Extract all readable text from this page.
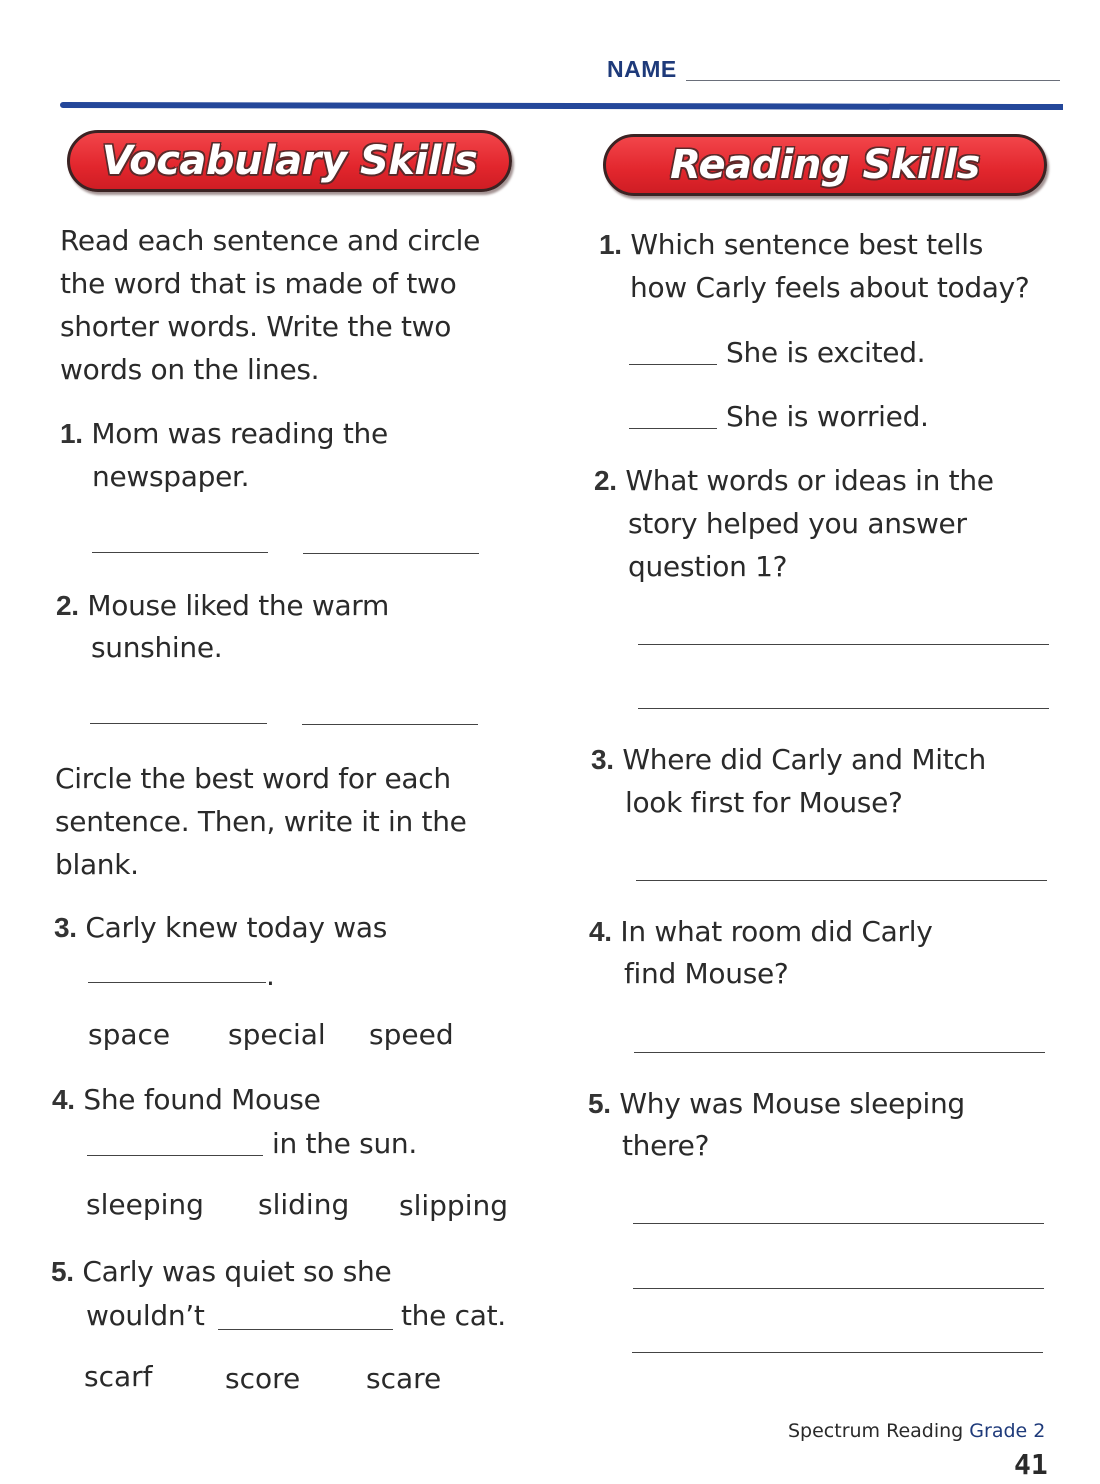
NAME
Vocabulary Skills	Reading Skills
Read each sentence and circle
the word that is made of two
shorter words. Write the two
words on the lines.
1. Mom was reading the
newspaper.
2. Mouse liked the warm
sunshine.
Circle the best word for each
sentence. Then, write it in the
blank.
3. Carly knew today was
.
space special speed
4. She found Mouse
in the sun.
sleeping sliding slipping
5. Carly was quiet so she
wouldn’t	the cat.
scarf	score scare
1. Which sentence best tells
how Carly feels about today?
She is excited.
She is worried.
2. What words or ideas in the
story helped you answer
question 1?
3. Where did Carly and Mitch
look first for Mouse?
4. In what room did Carly
find Mouse?
5. Why was Mouse sleeping
there?
Spectrum Reading Grade 2
41
